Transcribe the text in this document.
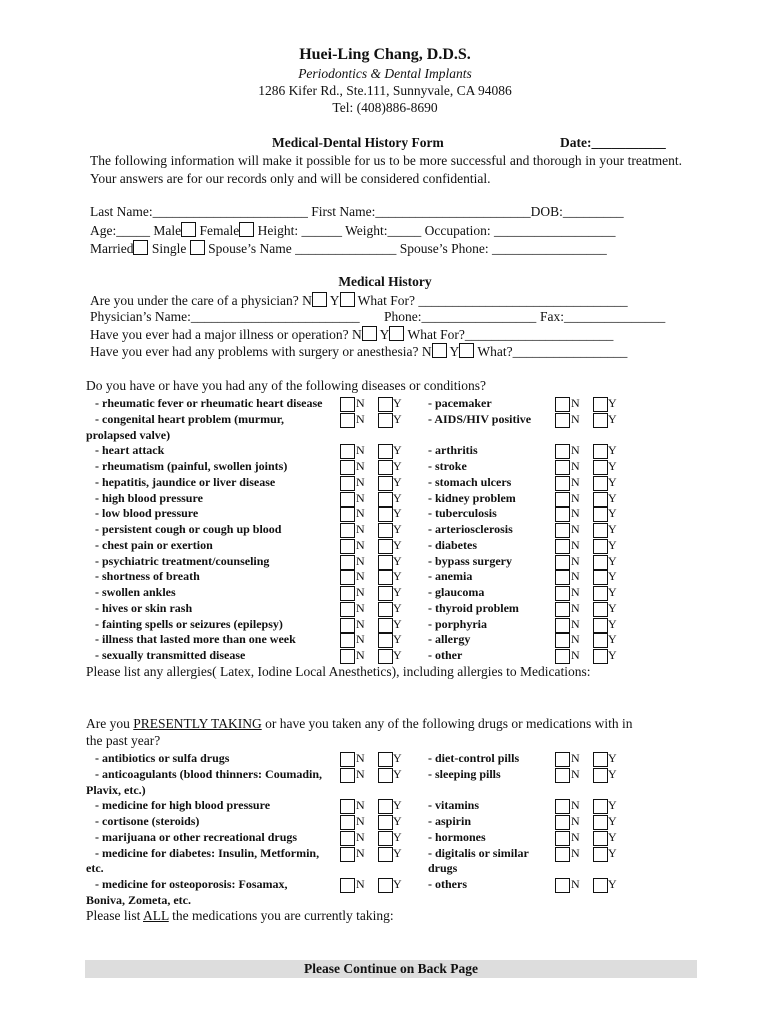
Huei-Ling Chang, D.D.S.
Periodontics & Dental Implants
1286 Kifer Rd., Ste.111, Sunnyvale, CA 94086
Tel: (408)886-8690
Medical-Dental History Form	Date:___________
The following information will make it possible for us to be more successful and thorough in your treatment. Your answers are for our records only and will be considered confidential.
Last Name:_______________________ First Name:_______________________DOB:_________
Age:_____ Male Female Height: ______ Weight:_____ Occupation: __________________
Married Single Spouse’s Name _______________ Spouse’s Phone: _________________
Medical History
Are you under the care of a physician? N Y What For? _______________________________
Physician’s Name:_________________________ Phone:_________________ Fax:_______________
Have you ever had a major illness or operation? N Y What For?______________________
Have you ever had any problems with surgery or anesthesia? N Y What?_________________
Do you have or have you had any of the following diseases or conditions?
- rheumatic fever or rheumatic heart disease	- pacemaker
N Y	N Y
- congenital heart problem (murmur,	- AIDS/HIV positive
N Y	N Y
prolapsed valve)
- heart attack	- arthritis
N Y	N Y
- rheumatism (painful, swollen joints)	- stroke
N Y	N Y
- hepatitis, jaundice or liver disease	- stomach ulcers
N Y	N Y
- high blood pressure	- kidney problem
N Y	N Y
- low blood pressure	- tuberculosis
N Y	N Y
- persistent cough or cough up blood	- arteriosclerosis
N Y	N Y
- chest pain or exertion	- diabetes
N Y	N Y
- psychiatric treatment/counseling	- bypass surgery
N Y	N Y
- shortness of breath	- anemia
N Y	N Y
- swollen ankles	- glaucoma
N Y	N Y
- hives or skin rash	- thyroid problem
N Y	N Y
- fainting spells or seizures (epilepsy)	- porphyria
N Y	N Y
- illness that lasted more than one week	- allergy
N Y	N Y
- sexually transmitted disease	- other
N Y	N Y
Please list any allergies( Latex, Iodine Local Anesthetics), including allergies to Medications:
Are you PRESENTLY TAKING or have you taken any of the following drugs or medications with in
the past year?
- antibiotics or sulfa drugs	- diet-control pills
N Y	N Y
- anticoagulants (blood thinners: Coumadin,	- sleeping pills
N Y	N Y
Plavix, etc.)
- medicine for high blood pressure	- vitamins
N Y	N Y
- cortisone (steroids)	- aspirin
N Y	N Y
- marijuana or other recreational drugs	- hormones
N Y	N Y
- medicine for diabetes: Insulin, Metformin,	- digitalis or similar
N Y	N Y
etc.	drugs
- medicine for osteoporosis: Fosamax,	- others
N Y	N Y
Boniva, Zometa, etc.
Please list ALL the medications you are currently taking:
Please Continue on Back Page
